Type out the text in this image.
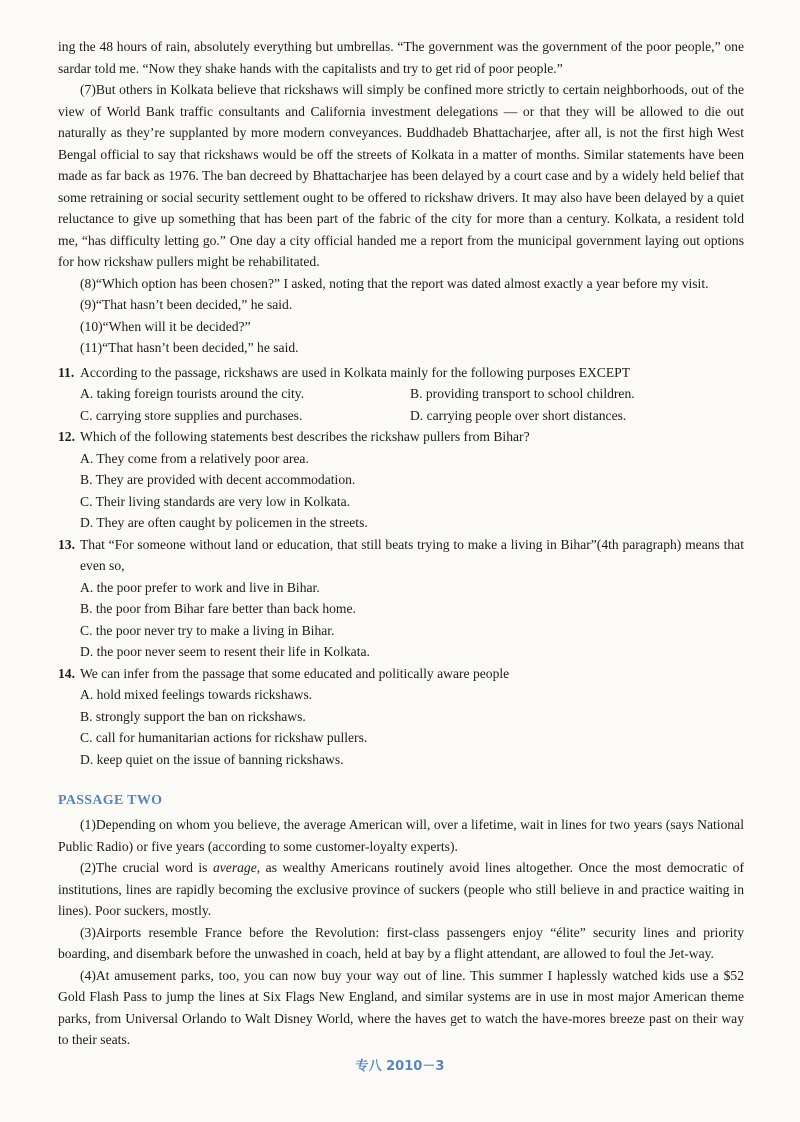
ing the 48 hours of rain, absolutely everything but umbrellas. “The government was the government of the poor people,” one sardar told me. “Now they shake hands with the capitalists and try to get rid of poor people.”

(7)But others in Kolkata believe that rickshaws will simply be confined more strictly to certain neighborhoods, out of the view of World Bank traffic consultants and California investment delegations — or that they will be allowed to die out naturally as they’re supplanted by more modern conveyances. Buddhadeb Bhattacharjee, after all, is not the first high West Bengal official to say that rickshaws would be off the streets of Kolkata in a matter of months. Similar statements have been made as far back as 1976. The ban decreed by Bhattacharjee has been delayed by a court case and by a widely held belief that some retraining or social security settlement ought to be offered to rickshaw drivers. It may also have been delayed by a quiet reluctance to give up something that has been part of the fabric of the city for more than a century. Kolkata, a resident told me, “has difficulty letting go.” One day a city official handed me a report from the municipal government laying out options for how rickshaw pullers might be rehabilitated.

(8)“Which option has been chosen?” I asked, noting that the report was dated almost exactly a year before my visit.

(9)“That hasn’t been decided,” he said.

(10)“When will it be decided?”

(11)“That hasn’t been decided,” he said.

11. According to the passage, rickshaws are used in Kolkata mainly for the following purposes EXCEPT

A. taking foreign tourists around the city.	B. providing transport to school children.

C. carrying store supplies and purchases.	D. carrying people over short distances.

12. Which of the following statements best describes the rickshaw pullers from Bihar?

A. They come from a relatively poor area.

B. They are provided with decent accommodation.

C. Their living standards are very low in Kolkata.

D. They are often caught by policemen in the streets.

13. That “For someone without land or education, that still beats trying to make a living in Bihar”(4th paragraph) means that even so,

A. the poor prefer to work and live in Bihar.

B. the poor from Bihar fare better than back home.

C. the poor never try to make a living in Bihar.

D. the poor never seem to resent their life in Kolkata.

14. We can infer from the passage that some educated and politically aware people

A. hold mixed feelings towards rickshaws.

B. strongly support the ban on rickshaws.

C. call for humanitarian actions for rickshaw pullers.

D. keep quiet on the issue of banning rickshaws.

PASSAGE TWO

(1)Depending on whom you believe, the average American will, over a lifetime, wait in lines for two years (says National Public Radio) or five years (according to some customer-loyalty experts).

(2)The crucial word is average, as wealthy Americans routinely avoid lines altogether. Once the most democratic of institutions, lines are rapidly becoming the exclusive province of suckers (people who still believe in and practice waiting in lines). Poor suckers, mostly.

(3)Airports resemble France before the Revolution: first-class passengers enjoy “élite” security lines and priority boarding, and disembark before the unwashed in coach, held at bay by a flight attendant, are allowed to foul the Jet-way.

(4)At amusement parks, too, you can now buy your way out of line. This summer I haplessly watched kids use a $52 Gold Flash Pass to jump the lines at Six Flags New England, and similar systems are in use in most major American theme parks, from Universal Orlando to Walt Disney World, where the haves get to watch the have-mores breeze past on their way to their seats.

专八 2010－3
